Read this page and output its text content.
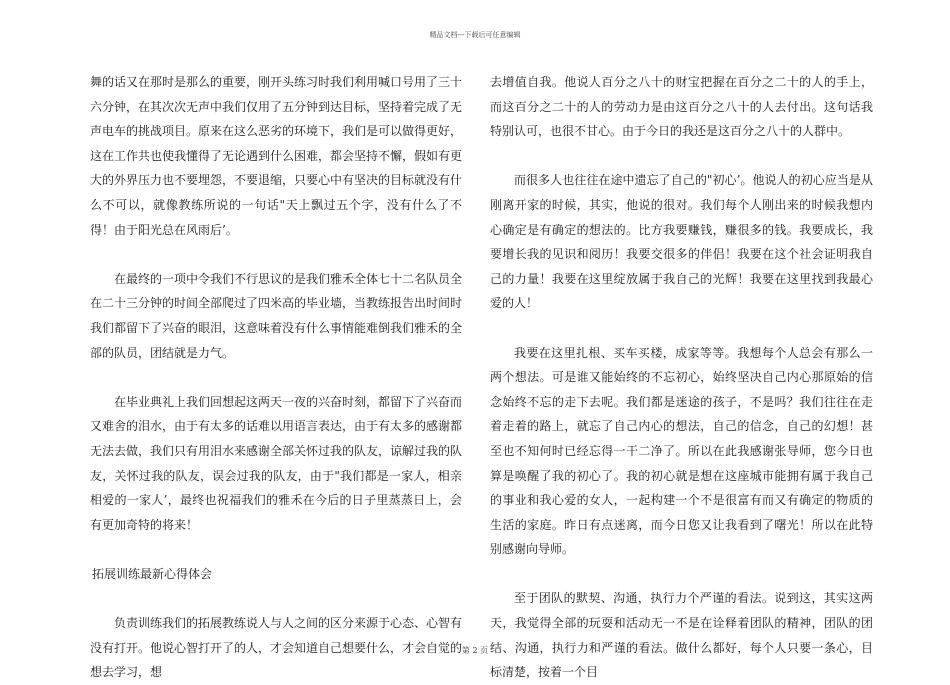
精品文档---下载后可任意编辑

舞的话又在那时是那么的重要，刚开头练习时我们利用喊口号用了三十六分钟，在其次次无声中我们仅用了五分钟到达目标，坚持着完成了无声电车的挑战项目。原来在这么恶劣的环境下，我们是可以做得更好，这在工作共也使我懂得了无论遇到什么困难，都会坚持不懈，假如有更大的外界压力也不要埋怨，不要退缩，只要心中有坚决的目标就没有什么不可以，就像教练所说的一句话"天上飘过五个字，没有什么了不得！由于阳光总在风雨后’。

在最终的一项中令我们不行思议的是我们雅禾全体七十二名队员全在二十三分钟的时间全部爬过了四米高的毕业墙，当教练报告出时间时我们都留下了兴奋的眼泪，这意味着没有什么事情能难倒我们雅禾的全部的队员，团结就是力气。

在毕业典礼上我们回想起这两天一夜的兴奋时刻，都留下了兴奋而又难舍的泪水，由于有太多的话难以用语言表达，由于有太多的感谢都无法去做，我们只有用泪水来感谢全部关怀过我的队友，谅解过我的队友，关怀过我的队友，误会过我的队友，由于"我们都是一家人，相亲相爱的一家人’，最终也祝福我们的雅禾在今后的日子里蒸蒸日上，会有更加奇特的将来！

拓展训练最新心得体会

负责训练我们的拓展教练说人与人之间的区分来源于心态、心智有没有打开。他说心智打开了的人，才会知道自己想要什么，才会自觉的想去学习，想

去增值自我。他说人百分之八十的财宝把握在百分之二十的人的手上，而这百分之二十的人的劳动力是由这百分之八十的人去付出。这句话我特别认可，也很不甘心。由于今日的我还是这百分之八十的人群中。

而很多人也往往在途中遗忘了自己的"初心’。他说人的初心应当是从刚离开家的时候，其实，他说的很对。我们每个人刚出来的时候我想内心确定是有确定的想法的。比方我要赚钱，赚很多的钱。我要成长，我要增长我的见识和阅历！我要交很多的伴侣！我要在这个社会证明我自己的力量！我要在这里绽放属于我自己的光辉！我要在这里找到我最心爱的人！

我要在这里扎根、买车买楼，成家等等。我想每个人总会有那么一两个想法。可是谁又能始终的不忘初心，始终坚决自己内心那原始的信念始终不忘的走下去呢。我们都是迷途的孩子，不是吗？我们往往在走着走着的路上，就忘了自己内心的想法，自己的信念，自己的幻想！甚至也不知何时已经忘得一干二净了。所以在此我感谢张导师，您今日也算是唤醒了我的初心了。我的初心就是想在这座城市能拥有属于我自己的事业和我心爱的女人，一起构建一个不是很富有而又有确定的物质的生活的家庭。昨日有点迷离，而今日您又让我看到了曙光！所以在此特别感谢向导师。

至于团队的默契、沟通，执行力个严谨的看法。说到这，其实这两天，我觉得全部的玩耍和活动无一不是在诠释着团队的精神，团队的团结、沟通，执行力和严谨的看法。做什么都好，每个人只要一条心，目标清楚，按着一个目

第 2 页
